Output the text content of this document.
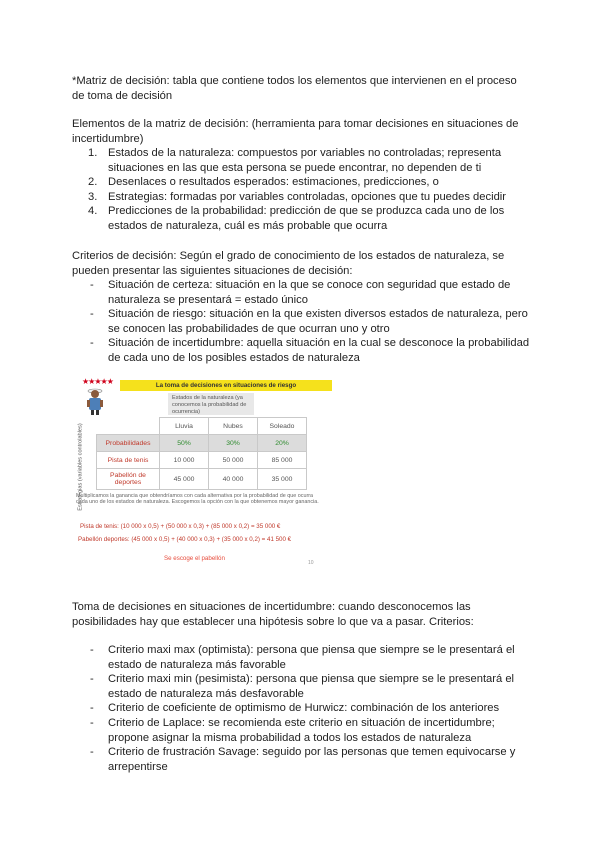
*Matriz de decisión: tabla que contiene todos los elementos que intervienen en el proceso
de toma de decisión

Elementos de la matriz de decisión: (herramienta para tomar decisiones en situaciones de
incertidumbre)

1. Estados de la naturaleza: compuestos por variables no controladas; representa
situaciones en las que esta persona se puede encontrar, no dependen de ti
2. Desenlaces o resultados esperados: estimaciones, predicciones, o
3. Estrategias: formadas por variables controladas, opciones que tu puedes decidir
4. Predicciones de la probabilidad: predicción de que se produzca cada uno de los
estados de naturaleza, cuál es más probable que ocurra

Criterios de decisión: Según el grado de conocimiento de los estados de naturaleza, se
pueden presentar las siguientes situaciones de decisión:

- Situación de certeza: situación en la que se conoce con seguridad que estado de
naturaleza se presentará = estado único
- Situación de riesgo: situación en la que existen diversos estados de naturaleza, pero
se conocen las probabilidades de que ocurran uno y otro
- Situación de incertidumbre: aquella situación en la cual se desconoce la probabilidad
de cada uno de los posibles estados de naturaleza
★★★★★	La toma de decisiones en situaciones de riesgo
Estados de la naturaleza (ya conocemos la probabilidad de ocurrencia)
Estrategias (variables controlables)
		Lluvia	Nubes	Soleado
Probabilidades	50%	30%	20%
Pista de tenis	10 000	50 000	85 000
Pabellón de deportes	45 000	40 000	35 000
Multiplicamos la ganancia que obtendríamos con cada alternativa por la probabilidad de que ocurra cada uno de los estados de naturaleza. Escogemos la opción con la que obtenemos mayor ganancia.
Pista de tenis: (10 000 x 0,5) + (50 000 x 0,3) + (85 000 x 0,2) = 35 000 €
Pabellón deportes: (45 000 x 0,5) + (40 000 x 0,3) + (35 000 x 0,2) = 41 500 €
Se escoge el pabellón
10

Toma de decisiones en situaciones de incertidumbre: cuando desconocemos las
posibilidades hay que establecer una hipótesis sobre lo que va a pasar. Criterios:

- Criterio maxi max (optimista): persona que piensa que siempre se le presentará el
estado de naturaleza más favorable
- Criterio maxi min (pesimista): persona que piensa que siempre se le presentará el
estado de naturaleza más desfavorable
- Criterio de coeficiente de optimismo de Hurwicz: combinación de los anteriores
- Criterio de Laplace: se recomienda este criterio en situación de incertidumbre;
propone asignar la misma probabilidad a todos los estados de naturaleza
- Criterio de frustración Savage: seguido por las personas que temen equivocarse y
arrepentirse
